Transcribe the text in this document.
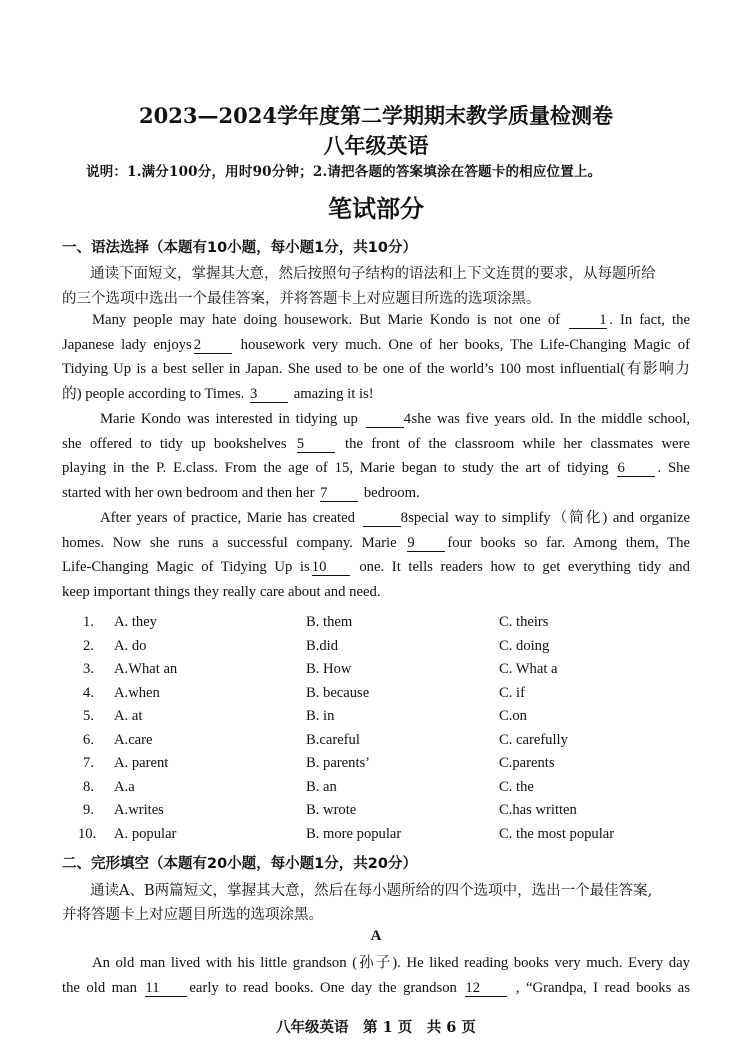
2023—2024学年度第二学期期末教学质量检测卷
八年级英语
说明：1.满分100分，用时90分钟；2.请把各题的答案填涂在答题卡的相应位置上。
笔试部分
一、语法选择（本题有10小题，每小题1分，共10分）
通读下面短文，掌握其大意，然后按照句子结构的语法和上下文连贯的要求，从每题所给
的三个选项中选出一个最佳答案，并将答题卡上对应题目所选的选项涂黑。
Many people may hate doing housework. But Marie Kondo is not one of	1 . In fact, the
Japanese lady enjoys 2	housework very much. One of her books, The Life-Changing Magic of
Tidying Up is a best seller in Japan. She used to be one of the world’s 100 most influential(有影响力
的) people according to Times. 3 amazing it is!
Marie Kondo was interested in tidying up	4 she was five years old. In the middle school,
she offered to tidy up bookshelves 5	the front of the classroom while her classmates were
playing in the P. E.class. From the age of 15, Marie began to study the art of tidying 6 . She
started with her own bedroom and then her 7 bedroom.
After years of practice, Marie has created	8 special way to simplify（简化) and organize
homes. Now she runs a successful company. Marie 9 four books so far. Among them, The
Life-Changing Magic of Tidying Up is 10 one. It tells readers how to get everything tidy and
keep important things they really care about and need.
1. A. they	B. them	C. theirs
2. A. do	B.did	C. doing
3. A.What an	B. How	C. What a
4. A.when	B. because	C. if
5. A. at	B. in	C.on
6. A.care	B.careful	C. carefully
7. A. parent	B. parents’	C.parents
8. A.a	B. an	C. the
9. A.writes	B. wrote	C.has written
10. A. popular	B. more popular	C. the most popular
二、完形填空（本题有20小题，每小题1分，共20分）
通读A、B两篇短文，掌握其大意，然后在每小题所给的四个选项中，选出一个最佳答案,
并将答题卡上对应题目所选的选项涂黑。
A
An old man lived with his little grandson (孙子). He liked reading books very much. Every day
the old man 11 early to read books. One day the grandson 12 , “Grandpa, I read books as
八年级英语　第 1 页　共 6 页
